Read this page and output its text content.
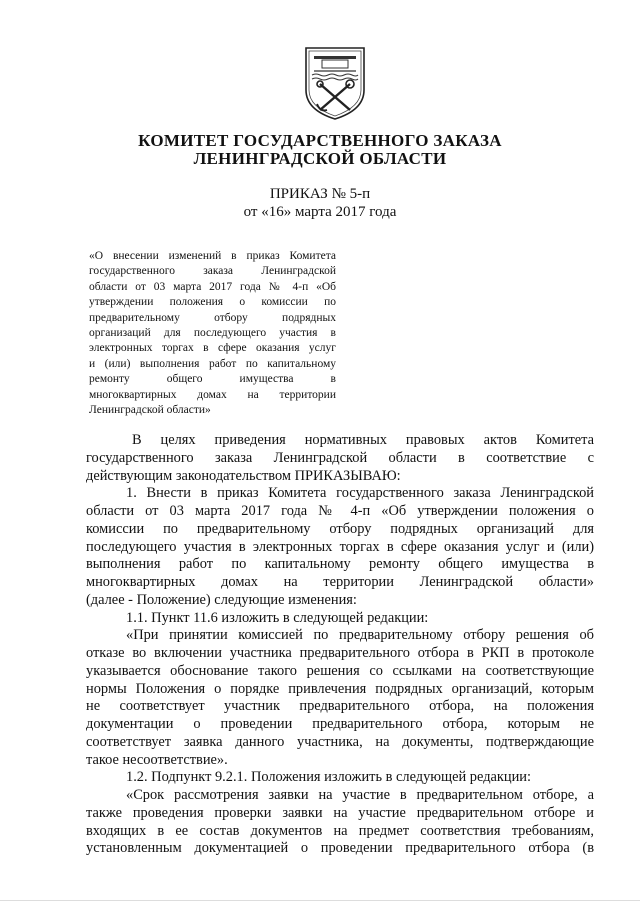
КОМИТЕТ ГОСУДАРСТВЕННОГО ЗАКАЗА
ЛЕНИНГРАДСКОЙ ОБЛАСТИ
ПРИКАЗ № 5-п
от «16» марта 2017 года

«О внесении изменений в приказ Комитета

государственного заказа Ленинградской

области от 03 марта 2017 года № 4-п «Об

утверждении положения о комиссии по

предварительному отбору подрядных

организаций для последующего участия в

электронных торгах в сфере оказания услуг

и (или) выполнения работ по капитальному

ремонту общего имущества в

многоквартирных домах на территории

Ленинградской области»

В целях приведения нормативных правовых актов Комитета
государственного заказа Ленинградской области в соответствие с
действующим законодательством ПРИКАЗЫВАЮ:
1. Внести в приказ Комитета государственного заказа Ленинградской
области от 03 марта 2017 года № 4-п «Об утверждении положения о
комиссии по предварительному отбору подрядных организаций для
последующего участия в электронных торгах в сфере оказания услуг и (или)
выполнения работ по капитальному ремонту общего имущества в
многоквартирных домах на территории Ленинградской области»
(далее - Положение) следующие изменения:
1.1. Пункт 11.6 изложить в следующей редакции:
«При принятии комиссией по предварительному отбору решения об
отказе во включении участника предварительного отбора в РКП в протоколе
указывается обоснование такого решения со ссылками на соответствующие
нормы Положения о порядке привлечения подрядных организаций, которым
не соответствует участник предварительного отбора, на положения
документации о проведении предварительного отбора, которым не
соответствует заявка данного участника, на документы, подтверждающие
такое несоответствие».
1.2. Подпункт 9.2.1. Положения изложить в следующей редакции:
«Срок рассмотрения заявки на участие в предварительном отборе, а
также проведения проверки заявки на участие предварительном отборе и
входящих в ее состав документов на предмет соответствия требованиям,
установленным документацией о проведении предварительного отбора (в
